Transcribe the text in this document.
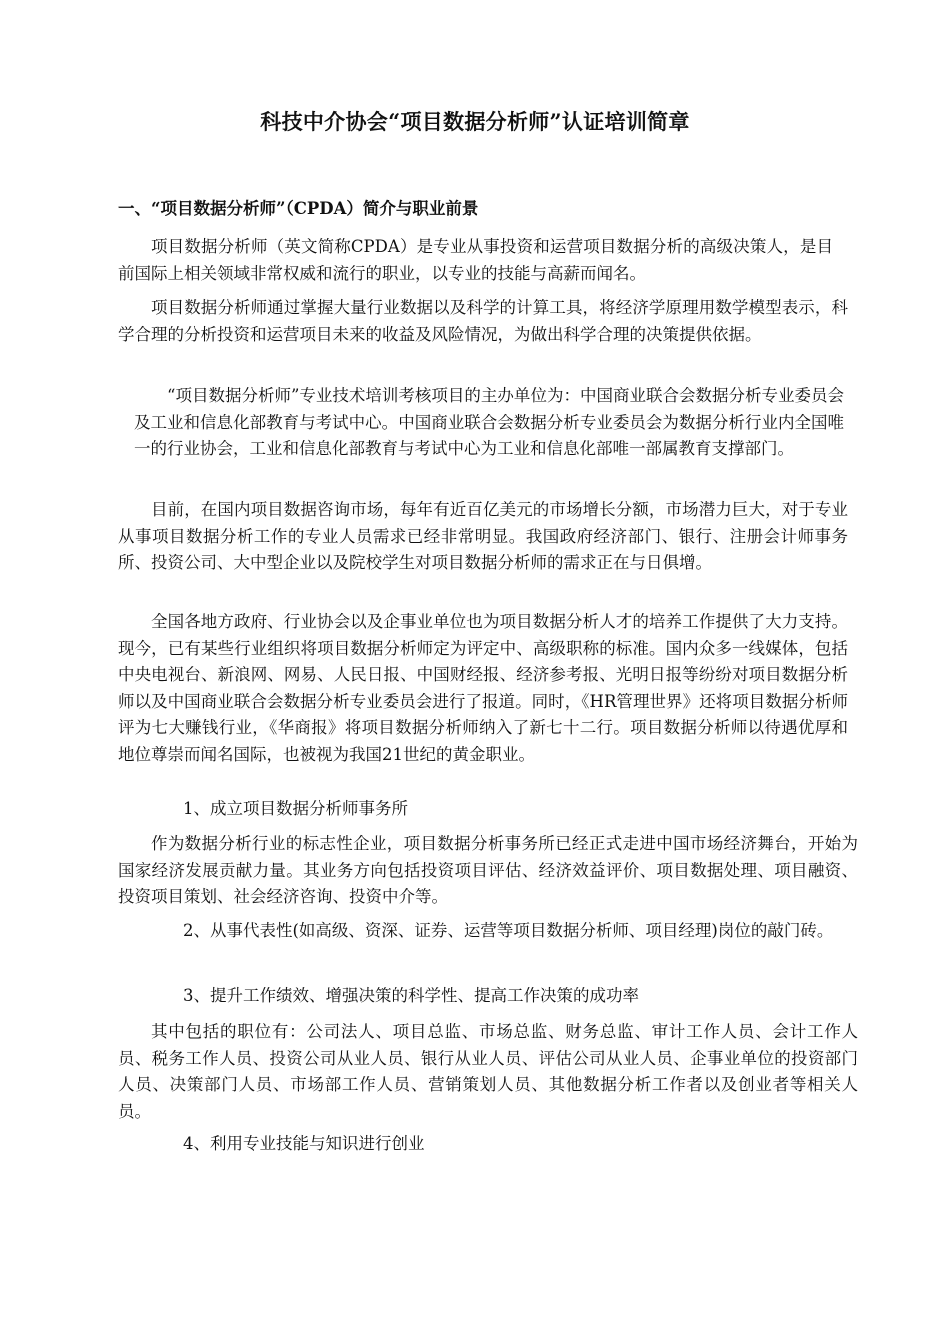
科技中介协会“项目数据分析师”认证培训简章
一、“项目数据分析师”（CPDA）简介与职业前景

项目数据分析师（英文简称CPDA）是专业从事投资和运营项目数据分析的高级决策人，是目前国际上相关领域非常权威和流行的职业，以专业的技能与高薪而闻名。

项目数据分析师通过掌握大量行业数据以及科学的计算工具，将经济学原理用数学模型表示，科学合理的分析投资和运营项目未来的收益及风险情况，为做出科学合理的决策提供依据。

“项目数据分析师”专业技术培训考核项目的主办单位为：中国商业联合会数据分析专业委员会及工业和信息化部教育与考试中心。中国商业联合会数据分析专业委员会为数据分析行业内全国唯一的行业协会，工业和信息化部教育与考试中心为工业和信息化部唯一部属教育支撑部门。

目前，在国内项目数据咨询市场，每年有近百亿美元的市场增长分额，市场潜力巨大，对于专业从事项目数据分析工作的专业人员需求已经非常明显。我国政府经济部门、银行、注册会计师事务所、投资公司、大中型企业以及院校学生对项目数据分析师的需求正在与日俱增。

全国各地方政府、行业协会以及企事业单位也为项目数据分析人才的培养工作提供了大力支持。现今，已有某些行业组织将项目数据分析师定为评定中、高级职称的标准。国内众多一线媒体，包括中央电视台、新浪网、网易、人民日报、中国财经报、经济参考报、光明日报等纷纷对项目数据分析师以及中国商业联合会数据分析专业委员会进行了报道。同时，《HR管理世界》还将项目数据分析师评为七大赚钱行业，《华商报》将项目数据分析师纳入了新七十二行。项目数据分析师以待遇优厚和地位尊崇而闻名国际，也被视为我国21世纪的黄金职业。

1、成立项目数据分析师事务所

作为数据分析行业的标志性企业，项目数据分析事务所已经正式走进中国市场经济舞台，开始为国家经济发展贡献力量。其业务方向包括投资项目评估、经济效益评价、项目数据处理、项目融资、投资项目策划、社会经济咨询、投资中介等。

2、从事代表性(如高级、资深、证券、运营等项目数据分析师、项目经理)岗位的敲门砖。

3、提升工作绩效、增强决策的科学性、提高工作决策的成功率

其中包括的职位有：公司法人、项目总监、市场总监、财务总监、审计工作人员、会计工作人员、税务工作人员、投资公司从业人员、银行从业人员、评估公司从业人员、企事业单位的投资部门人员、决策部门人员、市场部工作人员、营销策划人员、其他数据分析工作者以及创业者等相关人员。

4、利用专业技能与知识进行创业
